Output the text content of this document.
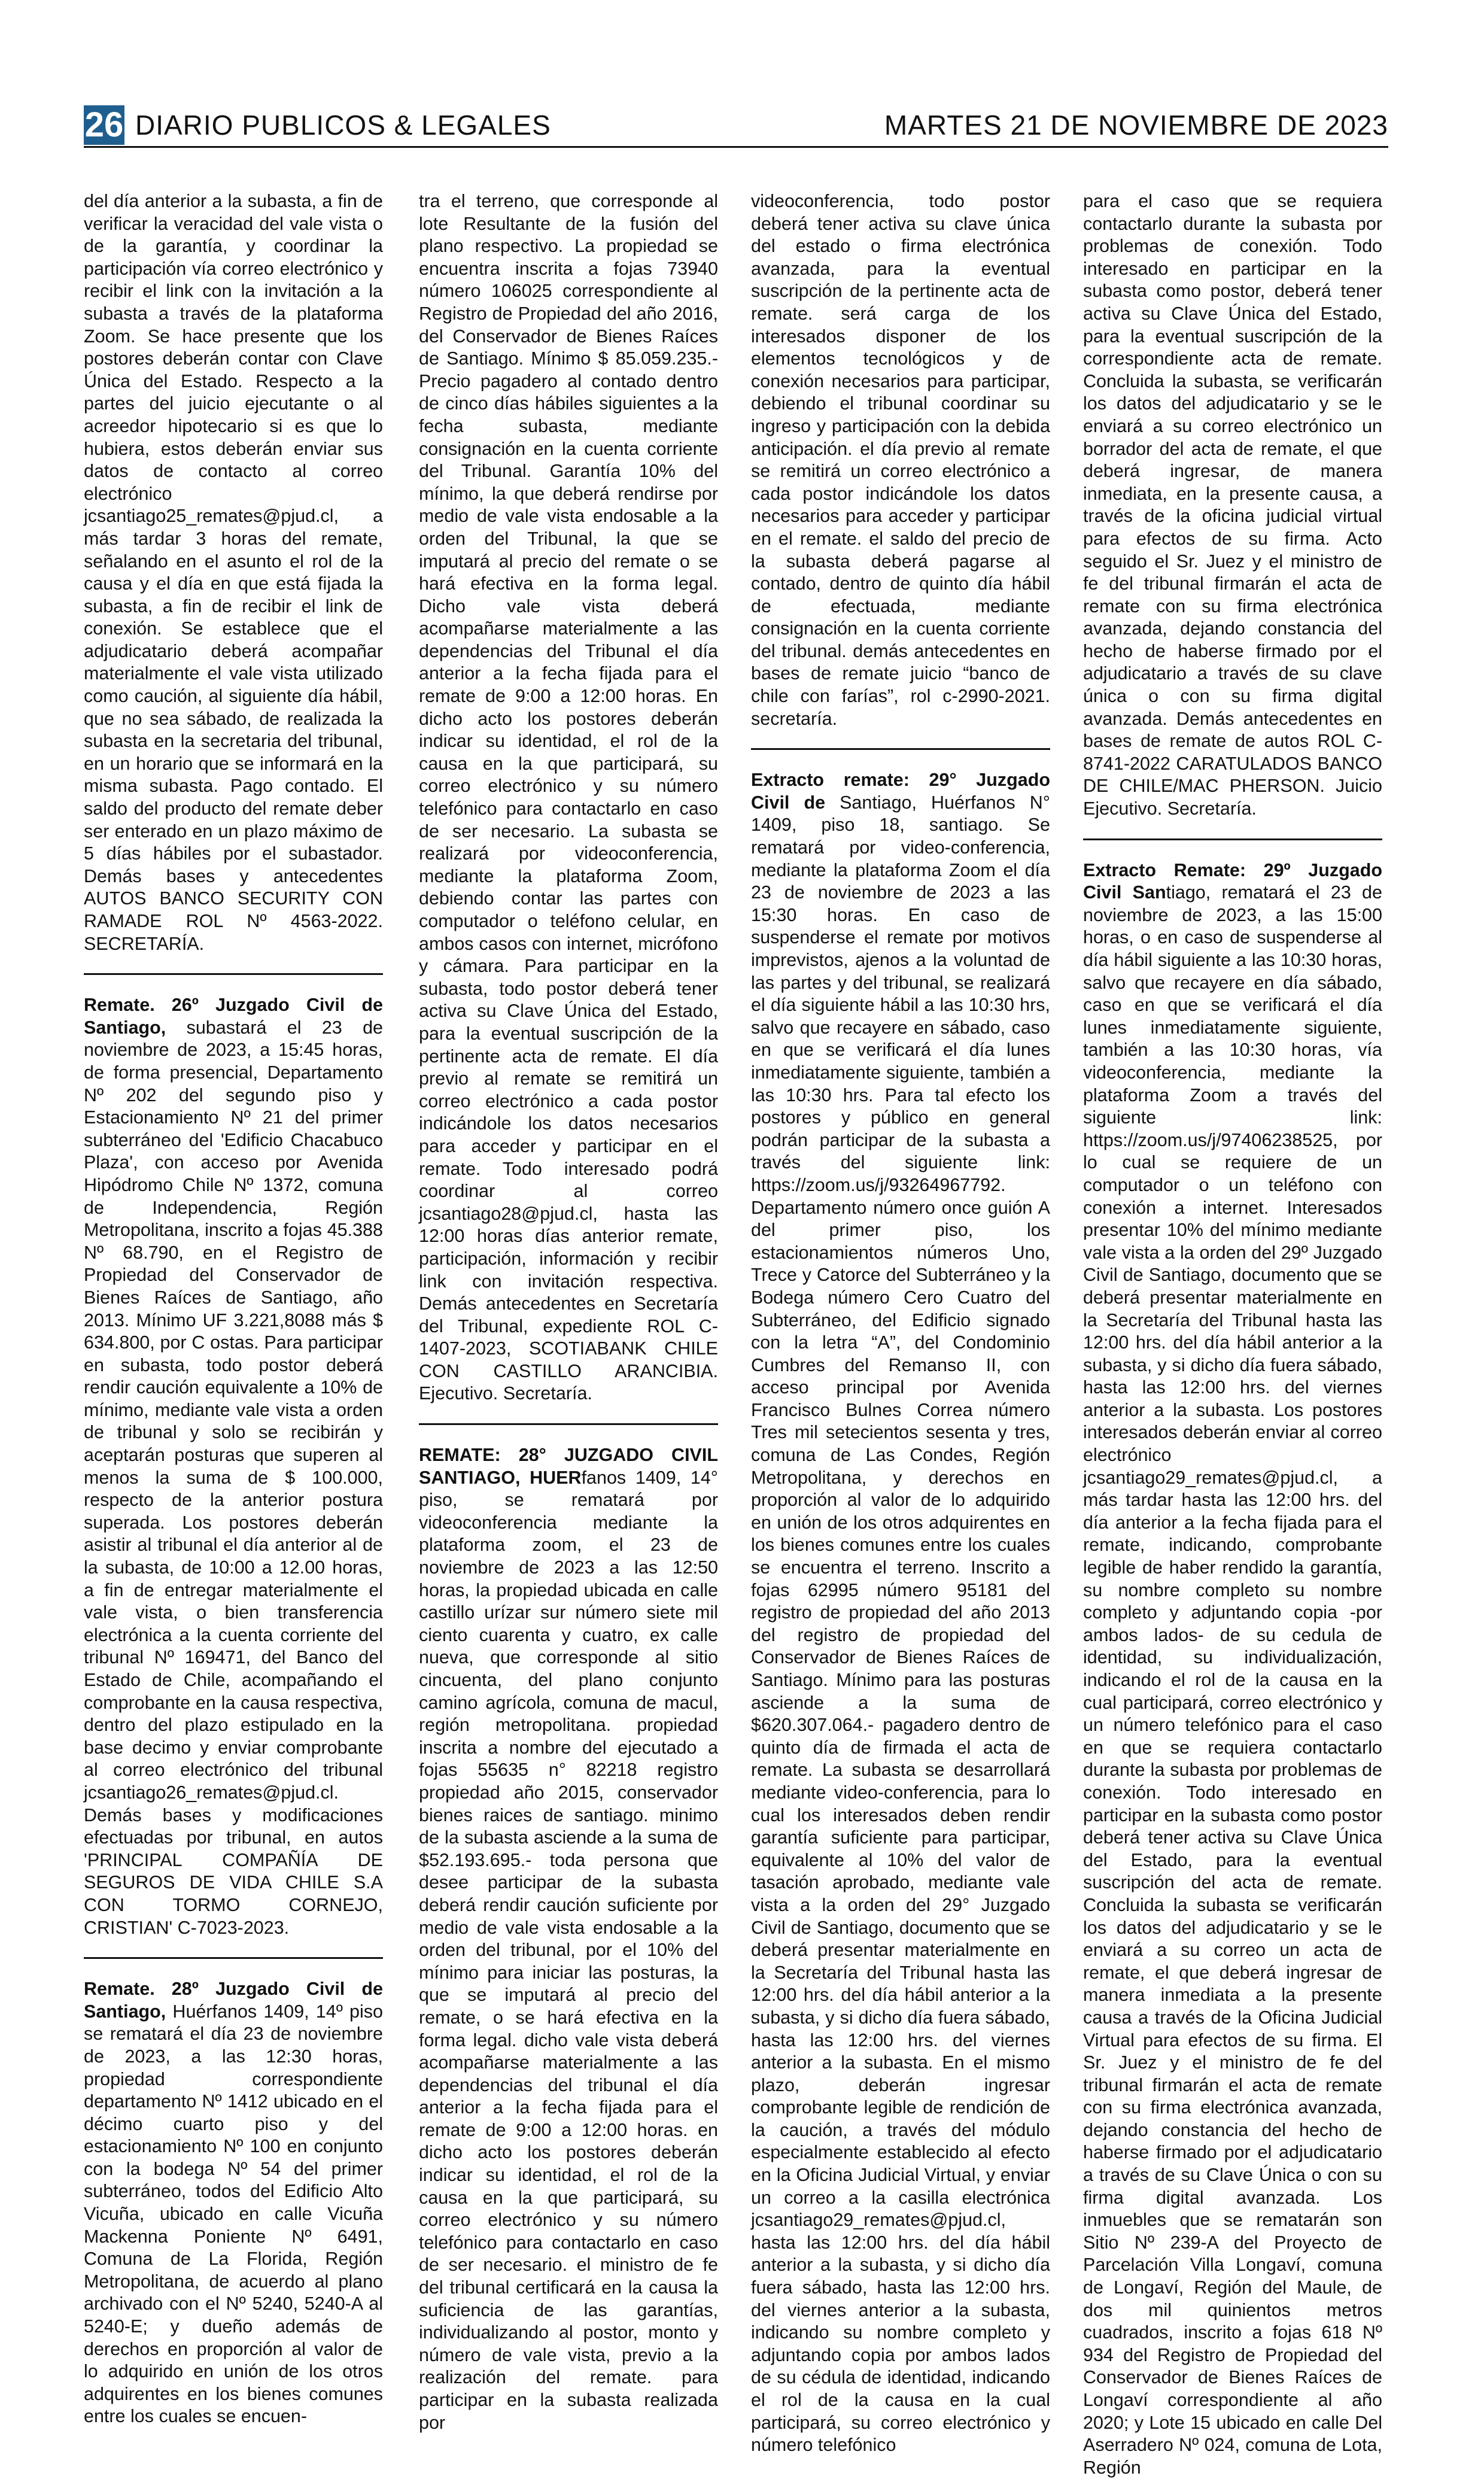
26 DIARIO PUBLICOS & LEGALES	MARTES 21 DE NOVIEMBRE DE 2023

del día anterior a la subasta, a fin de verificar la veracidad del vale vista o de la garantía, y coordinar la participación vía correo electrónico y recibir el link con la invitación a la subasta a través de la plataforma Zoom. Se hace presente que los postores deberán contar con Clave Única del Estado. Respecto a la partes del juicio ejecutante o al acreedor hipotecario si es que lo hubiera, estos deberán enviar sus datos de contacto al correo electrónico jcsantiago25_remates@pjud.cl, a más tardar 3 horas del remate, señalando en el asunto el rol de la causa y el día en que está fijada la subasta, a fin de recibir el link de conexión. Se establece que el adjudicatario deberá acompañar materialmente el vale vista utilizado como caución, al siguiente día hábil, que no sea sábado, de realizada la subasta en la secretaria del tribunal, en un horario que se informará en la misma subasta. Pago contado. El saldo del producto del remate deber ser enterado en un plazo máximo de 5 días hábiles por el subastador. Demás bases y antecedentes AUTOS BANCO SECURITY CON RAMADE ROL Nº 4563-2022. SECRETARÍA.

Remate. 26º Juzgado Civil de Santiago, subastará el 23 de noviembre de 2023, a 15:45 horas, de forma presencial, Departamento Nº 202 del segundo piso y Estacionamiento Nº 21 del primer subterráneo del 'Edificio Chacabuco Plaza', con acceso por Avenida Hipódromo Chile Nº 1372, comuna de Independencia, Región Metropolitana, inscrito a fojas 45.388 Nº 68.790, en el Registro de Propiedad del Conservador de Bienes Raíces de Santiago, año 2013. Mínimo UF 3.221,8088 más $ 634.800, por C ostas. Para participar en subasta, todo postor deberá rendir caución equivalente a 10% de mínimo, mediante vale vista a orden de tribunal y solo se recibirán y aceptarán posturas que superen al menos la suma de $ 100.000, respecto de la anterior postura superada. Los postores deberán asistir al tribunal el día anterior al de la subasta, de 10:00 a 12.00 horas, a fin de entregar materialmente el vale vista, o bien transferencia electrónica a la cuenta corriente del tribunal Nº 169471, del Banco del Estado de Chile, acompañando el comprobante en la causa respectiva, dentro del plazo estipulado en la base decimo y enviar comprobante al correo electrónico del tribunal jcsantiago26_remates@pjud.cl. Demás bases y modificaciones efectuadas por tribunal, en autos 'PRINCIPAL COMPAÑÍA DE SEGUROS DE VIDA CHILE S.A CON TORMO CORNEJO, CRISTIAN' C-7023-2023.

Remate. 28º Juzgado Civil de Santiago, Huérfanos 1409, 14º piso se rematará el día 23 de noviembre de 2023, a las 12:30 horas, propiedad correspondiente departamento Nº 1412 ubicado en el décimo cuarto piso y del estacionamiento Nº 100 en conjunto con la bodega Nº 54 del primer subterráneo, todos del Edificio Alto Vicuña, ubicado en calle Vicuña Mackenna Poniente Nº 6491, Comuna de La Florida, Región Metropolitana, de acuerdo al plano archivado con el Nº 5240, 5240-A al 5240-E; y dueño además de derechos en proporción al valor de lo adquirido en unión de los otros adquirentes en los bienes comunes entre los cuales se encuen-

tra el terreno, que corresponde al lote Resultante de la fusión del plano respectivo. La propiedad se encuentra inscrita a fojas 73940 número 106025 correspondiente al Registro de Propiedad del año 2016, del Conservador de Bienes Raíces de Santiago. Mínimo $ 85.059.235.- Precio pagadero al contado dentro de cinco días hábiles siguientes a la fecha subasta, mediante consignación en la cuenta corriente del Tribunal. Garantía 10% del mínimo, la que deberá rendirse por medio de vale vista endosable a la orden del Tribunal, la que se imputará al precio del remate o se hará efectiva en la forma legal. Dicho vale vista deberá acompañarse materialmente a las dependencias del Tribunal el día anterior a la fecha fijada para el remate de 9:00 a 12:00 horas. En dicho acto los postores deberán indicar su identidad, el rol de la causa en la que participará, su correo electrónico y su número telefónico para contactarlo en caso de ser necesario. La subasta se realizará por videoconferencia, mediante la plataforma Zoom, debiendo contar las partes con computador o teléfono celular, en ambos casos con internet, micrófono y cámara. Para participar en la subasta, todo postor deberá tener activa su Clave Única del Estado, para la eventual suscripción de la pertinente acta de remate. El día previo al remate se remitirá un correo electrónico a cada postor indicándole los datos necesarios para acceder y participar en el remate. Todo interesado podrá coordinar al correo jcsantiago28@pjud.cl, hasta las 12:00 horas días anterior remate, participación, información y recibir link con invitación respectiva. Demás antecedentes en Secretaría del Tribunal, expediente ROL C-1407-2023, SCOTIABANK CHILE CON CASTILLO ARANCIBIA. Ejecutivo. Secretaría.

REMATE: 28° JUZGADO CIVIL SANTIAGO, HUERfanos 1409, 14° piso, se rematará por videoconferencia mediante la plataforma zoom, el 23 de noviembre de 2023 a las 12:50 horas, la propiedad ubicada en calle castillo urízar sur número siete mil ciento cuarenta y cuatro, ex calle nueva, que corresponde al sitio cincuenta, del plano conjunto camino agrícola, comuna de macul, región metropolitana. propiedad inscrita a nombre del ejecutado a fojas 55635 n° 82218 registro propiedad año 2015, conservador bienes raices de santiago. minimo de la subasta asciende a la suma de $52.193.695.- toda persona que desee participar de la subasta deberá rendir caución suficiente por medio de vale vista endosable a la orden del tribunal, por el 10% del mínimo para iniciar las posturas, la que se imputará al precio del remate, o se hará efectiva en la forma legal. dicho vale vista deberá acompañarse materialmente a las dependencias del tribunal el día anterior a la fecha fijada para el remate de 9:00 a 12:00 horas. en dicho acto los postores deberán indicar su identidad, el rol de la causa en la que participará, su correo electrónico y su número telefónico para contactarlo en caso de ser necesario. el ministro de fe del tribunal certificará en la causa la suficiencia de las garantías, individualizando al postor, monto y número de vale vista, previo a la realización del remate. para participar en la subasta realizada por

videoconferencia, todo postor deberá tener activa su clave única del estado o firma electrónica avanzada, para la eventual suscripción de la pertinente acta de remate. será carga de los interesados disponer de los elementos tecnológicos y de conexión necesarios para participar, debiendo el tribunal coordinar su ingreso y participación con la debida anticipación. el día previo al remate se remitirá un correo electrónico a cada postor indicándole los datos necesarios para acceder y participar en el remate. el saldo del precio de la subasta deberá pagarse al contado, dentro de quinto día hábil de efectuada, mediante consignación en la cuenta corriente del tribunal. demás antecedentes en bases de remate juicio “banco de chile con farías”, rol c-2990-2021. secretaría.

Extracto remate: 29° Juzgado Civil de Santiago, Huérfanos N° 1409, piso 18, santiago. Se rematará por video-conferencia, mediante la plataforma Zoom el día 23 de noviembre de 2023 a las 15:30 horas. En caso de suspenderse el remate por motivos imprevistos, ajenos a la voluntad de las partes y del tribunal, se realizará el día siguiente hábil a las 10:30 hrs, salvo que recayere en sábado, caso en que se verificará el día lunes inmediatamente siguiente, también a las 10:30 hrs. Para tal efecto los postores y público en general podrán participar de la subasta a través del siguiente link: https://zoom.us/j/93264967792. Departamento número once guión A del primer piso, los estacionamientos números Uno, Trece y Catorce del Subterráneo y la Bodega número Cero Cuatro del Subterráneo, del Edificio signado con la letra “A”, del Condominio Cumbres del Remanso II, con acceso principal por Avenida Francisco Bulnes Correa número Tres mil setecientos sesenta y tres, comuna de Las Condes, Región Metropolitana, y derechos en proporción al valor de lo adquirido en unión de los otros adquirentes en los bienes comunes entre los cuales se encuentra el terreno. Inscrito a fojas 62995 número 95181 del registro de propiedad del año 2013 del registro de propiedad del Conservador de Bienes Raíces de Santiago. Mínimo para las posturas asciende a la suma de $620.307.064.- pagadero dentro de quinto día de firmada el acta de remate. La subasta se desarrollará mediante video-conferencia, para lo cual los interesados deben rendir garantía suficiente para participar, equivalente al 10% del valor de tasación aprobado, mediante vale vista a la orden del 29° Juzgado Civil de Santiago, documento que se deberá presentar materialmente en la Secretaría del Tribunal hasta las 12:00 hrs. del día hábil anterior a la subasta, y si dicho día fuera sábado, hasta las 12:00 hrs. del viernes anterior a la subasta. En el mismo plazo, deberán ingresar comprobante legible de rendición de la caución, a través del módulo especialmente establecido al efecto en la Oficina Judicial Virtual, y enviar un correo a la casilla electrónica jcsantiago29_remates@pjud.cl, hasta las 12:00 hrs. del día hábil anterior a la subasta, y si dicho día fuera sábado, hasta las 12:00 hrs. del viernes anterior a la subasta, indicando su nombre completo y adjuntando copia por ambos lados de su cédula de identidad, indicando el rol de la causa en la cual participará, su correo electrónico y número telefónico

para el caso que se requiera contactarlo durante la subasta por problemas de conexión. Todo interesado en participar en la subasta como postor, deberá tener activa su Clave Única del Estado, para la eventual suscripción de la correspondiente acta de remate. Concluida la subasta, se verificarán los datos del adjudicatario y se le enviará a su correo electrónico un borrador del acta de remate, el que deberá ingresar, de manera inmediata, en la presente causa, a través de la oficina judicial virtual para efectos de su firma. Acto seguido el Sr. Juez y el ministro de fe del tribunal firmarán el acta de remate con su firma electrónica avanzada, dejando constancia del hecho de haberse firmado por el adjudicatario a través de su clave única o con su firma digital avanzada. Demás antecedentes en bases de remate de autos ROL C-8741-2022 CARATULADOS BANCO DE CHILE/MAC PHERSON. Juicio Ejecutivo. Secretaría.

Extracto Remate: 29º Juzgado Civil Santiago, rematará el 23 de noviembre de 2023, a las 15:00 horas, o en caso de suspenderse al día hábil siguiente a las 10:30 horas, salvo que recayere en día sábado, caso en que se verificará el día lunes inmediatamente siguiente, también a las 10:30 horas, vía videoconferencia, mediante la plataforma Zoom a través del siguiente link: https://zoom.us/j/97406238525, por lo cual se requiere de un computador o un teléfono con conexión a internet. Interesados presentar 10% del mínimo mediante vale vista a la orden del 29º Juzgado Civil de Santiago, documento que se deberá presentar materialmente en la Secretaría del Tribunal hasta las 12:00 hrs. del día hábil anterior a la subasta, y si dicho día fuera sábado, hasta las 12:00 hrs. del viernes anterior a la subasta. Los postores interesados deberán enviar al correo electrónico jcsantiago29_remates@pjud.cl, a más tardar hasta las 12:00 hrs. del día anterior a la fecha fijada para el remate, indicando, comprobante legible de haber rendido la garantía, su nombre completo su nombre completo y adjuntando copia -por ambos lados- de su cedula de identidad, su individualización, indicando el rol de la causa en la cual participará, correo electrónico y un número telefónico para el caso en que se requiera contactarlo durante la subasta por problemas de conexión. Todo interesado en participar en la subasta como postor deberá tener activa su Clave Única del Estado, para la eventual suscripción del acta de remate. Concluida la subasta se verificarán los datos del adjudicatario y se le enviará a su correo un acta de remate, el que deberá ingresar de manera inmediata a la presente causa a través de la Oficina Judicial Virtual para efectos de su firma. El Sr. Juez y el ministro de fe del tribunal firmarán el acta de remate con su firma electrónica avanzada, dejando constancia del hecho de haberse firmado por el adjudicatario a través de su Clave Única o con su firma digital avanzada. Los inmuebles que se rematarán son Sitio Nº 239-A del Proyecto de Parcelación Villa Longaví, comuna de Longaví, Región del Maule, de dos mil quinientos metros cuadrados, inscrito a fojas 618 Nº 934 del Registro de Propiedad del Conservador de Bienes Raíces de Longaví correspondiente al año 2020; y Lote 15 ubicado en calle Del Aserradero Nº 024, comuna de Lota, Región
